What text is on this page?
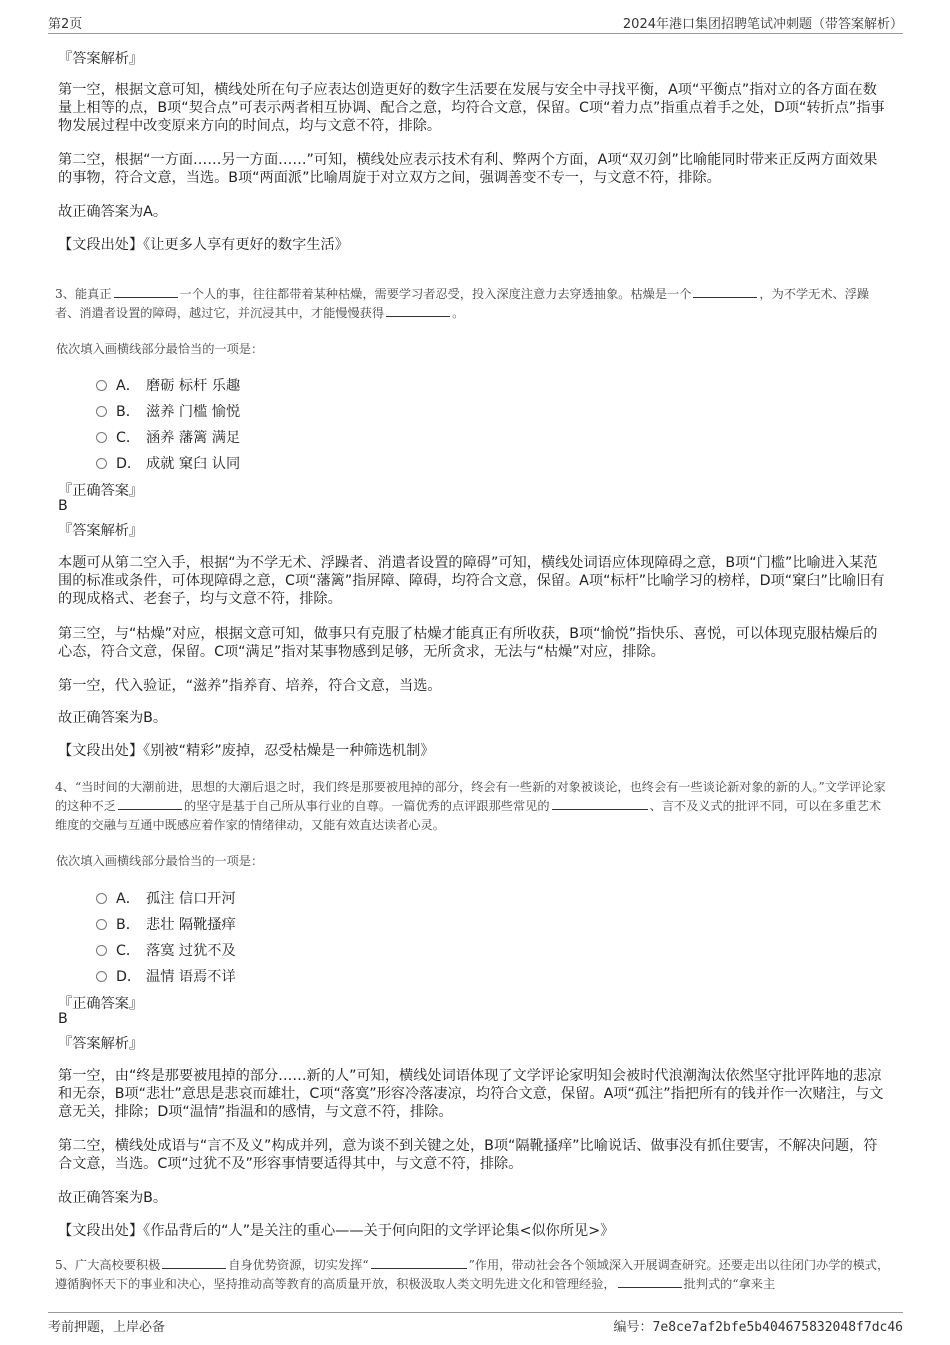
第2页	2024年港口集团招聘笔试冲刺题（带答案解析）
『答案解析』
第一空，根据文意可知，横线处所在句子应表达创造更好的数字生活要在发展与安全中寻找平衡，A项“平衡点”指对立的各方面在数量上相等的点，B项“契合点”可表示两者相互协调、配合之意，均符合文意，保留。C项“着力点”指重点着手之处，D项“转折点”指事物发展过程中改变原来方向的时间点，均与文意不符，排除。
第二空，根据“一方面……另一方面……”可知，横线处应表示技术有利、弊两个方面，A项“双刃剑”比喻能同时带来正反两方面效果的事物，符合文意，当选。B项“两面派”比喻周旋于对立双方之间，强调善变不专一，与文意不符，排除。
故正确答案为A。
【文段出处】《让更多人享有更好的数字生活》
3、能真正	一个人的事，往往都带着某种枯燥，需要学习者忍受，投入深度注意力去穿透抽象。枯燥是一个	，为不学无术、浮躁者、消遣者设置的障碍，越过它，并沉浸其中，才能慢慢获得	。
依次填入画横线部分最恰当的一项是：
A． 磨砺 标杆 乐趣
B． 滋养 门槛 愉悦
C． 涵养 藩篱 满足
D． 成就 窠臼 认同
『正确答案』
B
『答案解析』
本题可从第二空入手，根据“为不学无术、浮躁者、消遣者设置的障碍”可知，横线处词语应体现障碍之意，B项“门槛”比喻进入某范围的标准或条件，可体现障碍之意，C项“藩篱”指屏障、障碍，均符合文意，保留。A项“标杆”比喻学习的榜样，D项“窠臼”比喻旧有的现成格式、老套子，均与文意不符，排除。
第三空，与“枯燥”对应，根据文意可知，做事只有克服了枯燥才能真正有所收获，B项“愉悦”指快乐、喜悦，可以体现克服枯燥后的心态，符合文意，保留。C项“满足”指对某事物感到足够，无所贪求，无法与“枯燥”对应，排除。
第一空，代入验证，“滋养”指养育、培养，符合文意，当选。
故正确答案为B。
【文段出处】《别被“精彩”废掉，忍受枯燥是一种筛选机制》
4、“当时间的大潮前进，思想的大潮后退之时，我们终是那要被甩掉的部分，终会有一些新的对象被谈论，也终会有一些谈论新对象的新的人。”文学评论家的这种不乏	的坚守是基于自己所从事行业的自尊。一篇优秀的点评跟那些常见的	、言不及义式的批评不同，可以在多重艺术维度的交融与互通中既感应着作家的情绪律动，又能有效直达读者心灵。
依次填入画横线部分最恰当的一项是：
A． 孤注 信口开河
B． 悲壮 隔靴搔痒
C． 落寞 过犹不及
D． 温情 语焉不详
『正确答案』
B
『答案解析』
第一空，由“终是那要被甩掉的部分……新的人”可知，横线处词语体现了文学评论家明知会被时代浪潮淘汰依然坚守批评阵地的悲凉和无奈，B项“悲壮”意思是悲哀而雄壮，C项“落寞”形容冷落凄凉，均符合文意，保留。A项“孤注”指把所有的钱并作一次赌注，与文意无关，排除；D项“温情”指温和的感情，与文意不符，排除。
第二空，横线处成语与“言不及义”构成并列，意为谈不到关键之处，B项“隔靴搔痒”比喻说话、做事没有抓住要害，不解决问题，符合文意，当选。C项“过犹不及”形容事情要适得其中，与文意不符，排除。
故正确答案为B。
【文段出处】《作品背后的“人”是关注的重心——关于何向阳的文学评论集<似你所见>》
5、广大高校要积极	自身优势资源，切实发挥“	”作用，带动社会各个领域深入开展调查研究。还要走出以往闭门办学的模式，遵循胸怀天下的事业和决心，坚持推动高等教育的高质量开放，积极汲取人类文明先进文化和管理经验，	批判式的“拿来主
考前押题，上岸必备	编号：7e8ce7af2bfe5b404675832048f7dc46
